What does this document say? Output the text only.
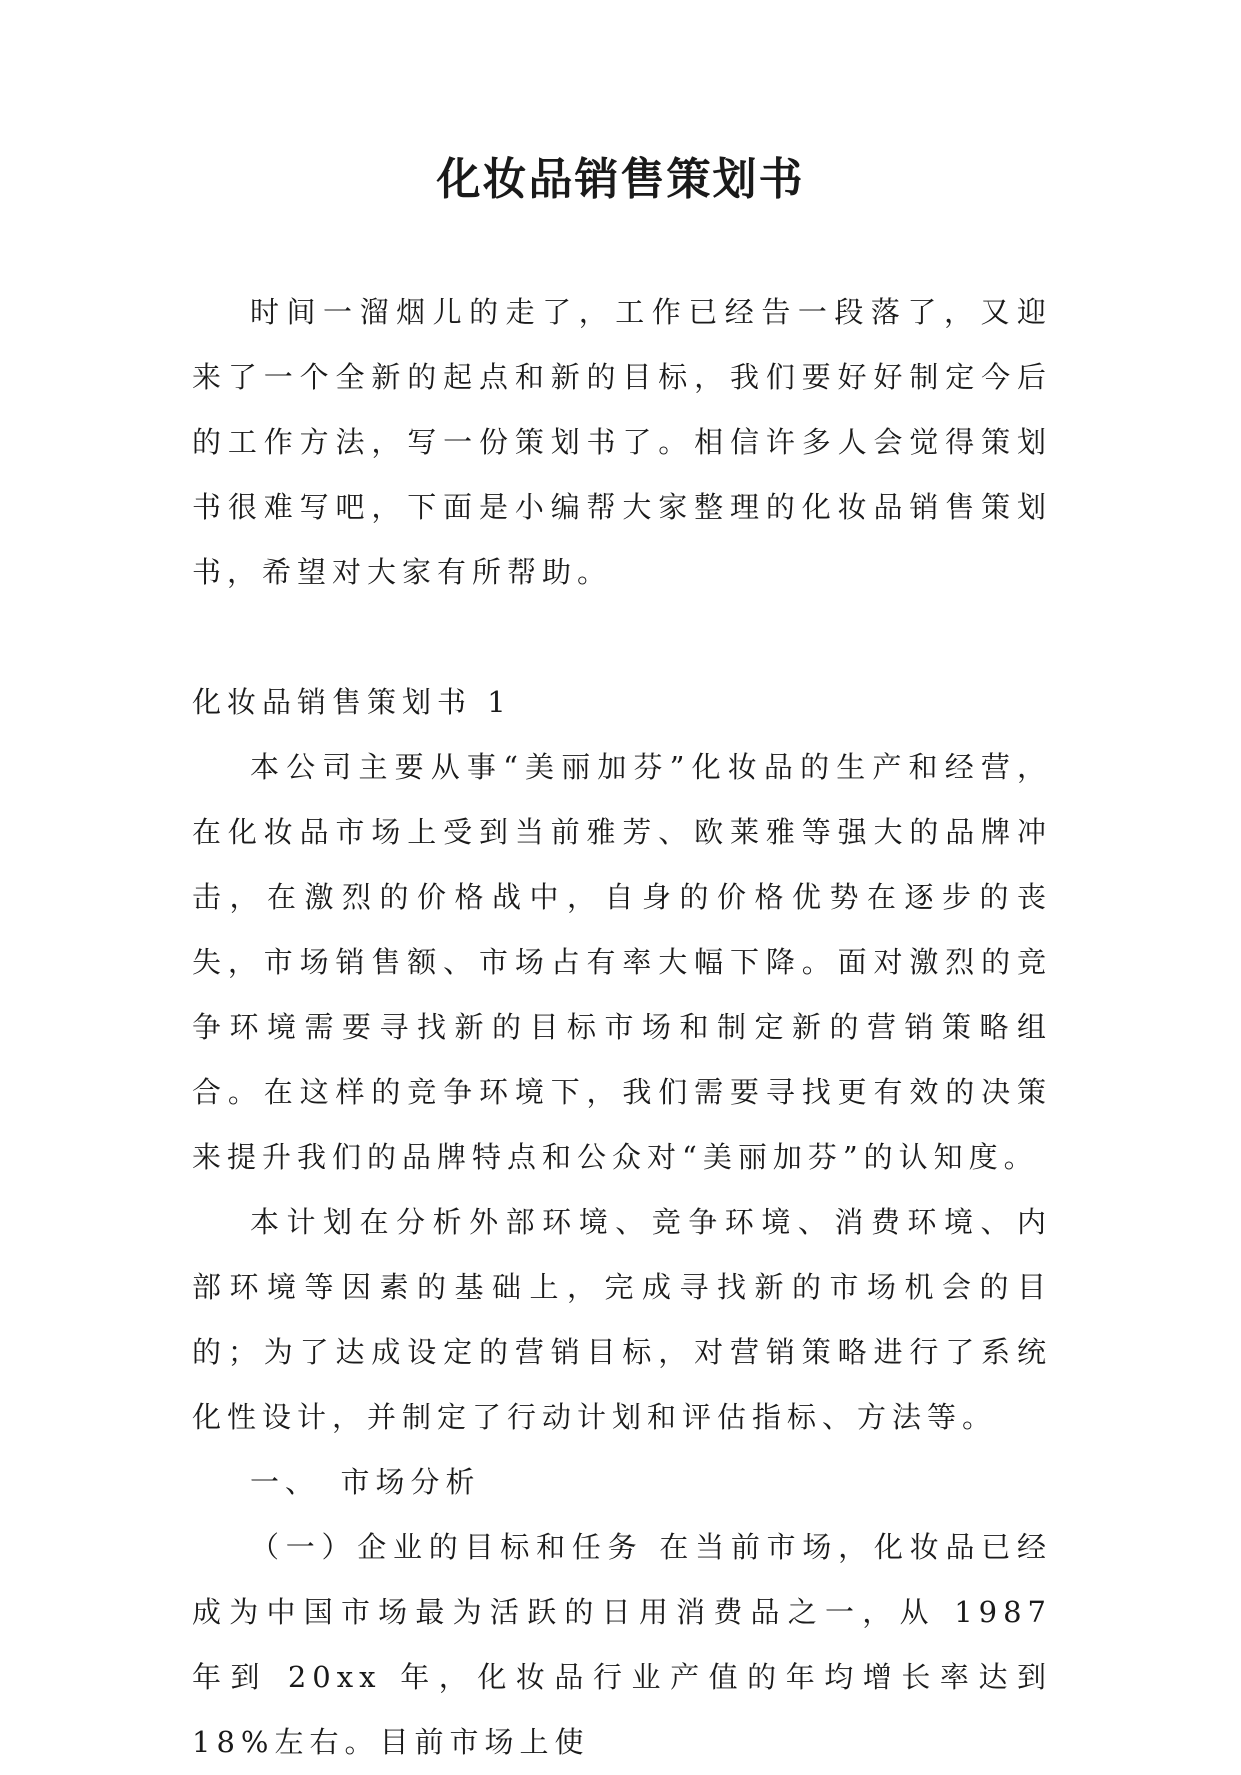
化妆品销售策划书

时间一溜烟儿的走了，工作已经告一段落了，又迎来了一个全新的起点和新的目标，我们要好好制定今后的工作方法，写一份策划书了。相信许多人会觉得策划书很难写吧，下面是小编帮大家整理的化妆品销售策划书，希望对大家有所帮助。

化妆品销售策划书 1

本公司主要从事“美丽加芬”化妆品的生产和经营，在化妆品市场上受到当前雅芳、欧莱雅等强大的品牌冲击，在激烈的价格战中，自身的价格优势在逐步的丧失，市场销售额、市场占有率大幅下降。面对激烈的竞争环境需要寻找新的目标市场和制定新的营销策略组合。在这样的竞争环境下，我们需要寻找更有效的决策来提升我们的品牌特点和公众对“美丽加芬”的认知度。

本计划在分析外部环境、竞争环境、消费环境、内部环境等因素的基础上，完成寻找新的市场机会的目的；为了达成设定的营销目标，对营销策略进行了系统化性设计，并制定了行动计划和评估指标、方法等。

一、　市场分析

（一）企业的目标和任务 在当前市场，化妆品已经成为中国市场最为活跃的日用消费品之一，从 1987 年到 20xx 年，化妆品行业产值的年均增长率达到 18%左右。目前市场上使
